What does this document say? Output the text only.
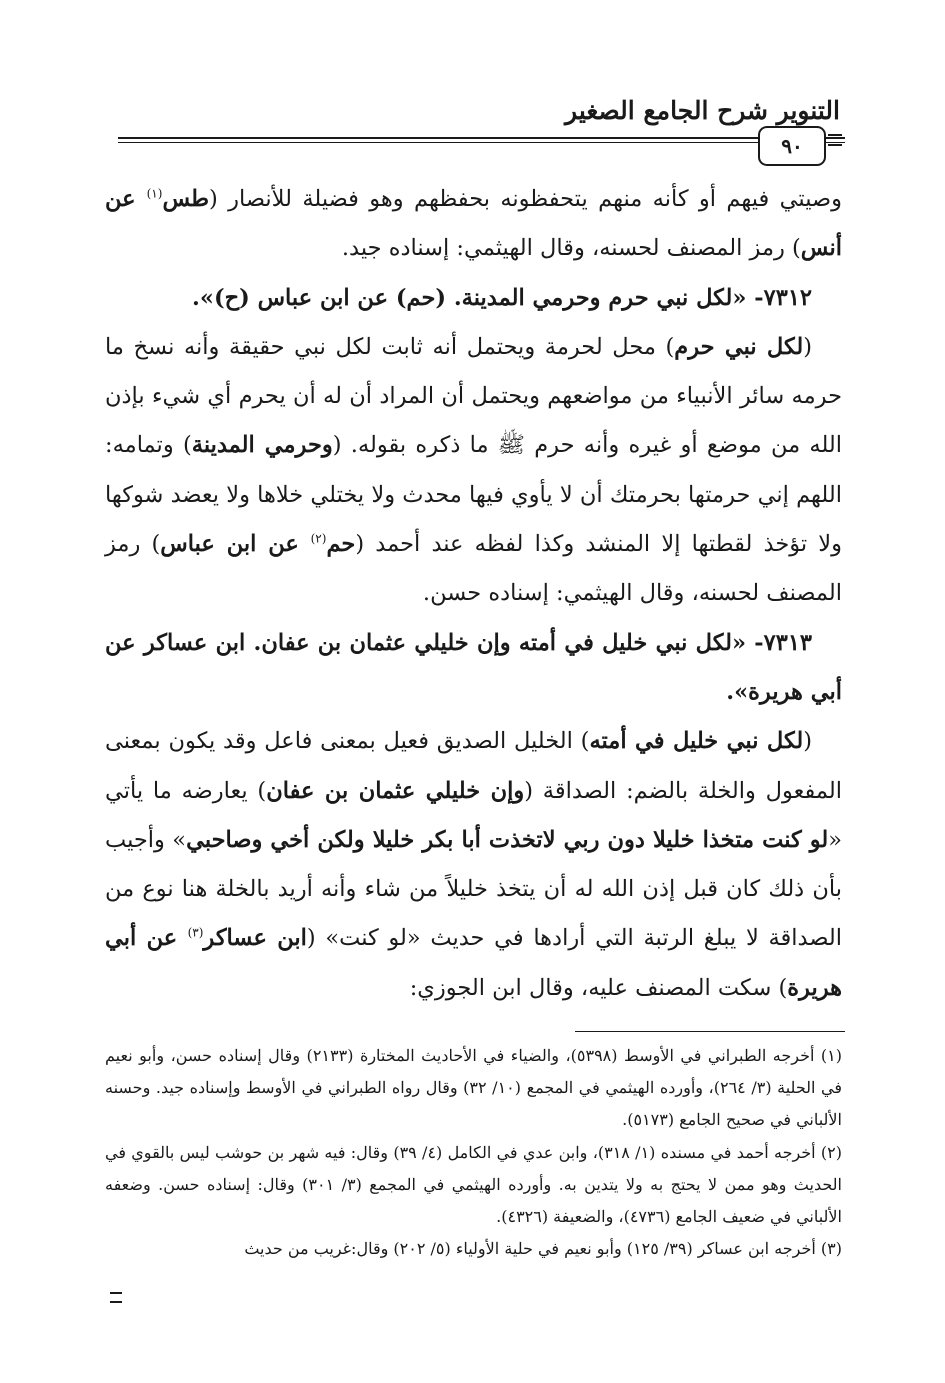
التنوير شرح الجامع الصغير
٩٠

وصيتي فيهم أو كأنه منهم يتحفظونه بحفظهم وهو فضيلة للأنصار (طس$^{(١)}$ عن أنس) رمز المصنف لحسنه، وقال الهيثمي: إسناده جيد.

٧٣١٢- «لكل نبي حرم وحرمي المدينة. (حم) عن ابن عباس (ح)».

(لكل نبي حرم) محل لحرمة ويحتمل أنه ثابت لكل نبي حقيقة وأنه نسخ ما حرمه سائر الأنبياء من مواضعهم ويحتمل أن المراد أن له أن يحرم أي شيء بإذن الله من موضع أو غيره وأنه حرم ﷺ ما ذكره بقوله. (وحرمي المدينة) وتمامه: اللهم إني حرمتها بحرمتك أن لا يأوي فيها محدث ولا يختلي خلاها ولا يعضد شوكها ولا تؤخذ لقطتها إلا المنشد وكذا لفظه عند أحمد (حم$^{(٢)}$ عن ابن عباس) رمز المصنف لحسنه، وقال الهيثمي: إسناده حسن.

٧٣١٣- «لكل نبي خليل في أمته وإن خليلي عثمان بن عفان. ابن عساكر عن أبي هريرة».

(لكل نبي خليل في أمته) الخليل الصديق فعيل بمعنى فاعل وقد يكون بمعنى المفعول والخلة بالضم: الصداقة (وإن خليلي عثمان بن عفان) يعارضه ما يأتي «لو كنت متخذا خليلا دون ربي لاتخذت أبا بكر خليلا ولكن أخي وصاحبي» وأجيب بأن ذلك كان قبل إذن الله له أن يتخذ خليلاً من شاء وأنه أريد بالخلة هنا نوع من الصداقة لا يبلغ الرتبة التي أرادها في حديث «لو كنت» (ابن عساكر$^{(٣)}$ عن أبي هريرة) سكت المصنف عليه، وقال ابن الجوزي:

(١) أخرجه الطبراني في الأوسط (٥٣٩٨)، والضياء في الأحاديث المختارة (٢١٣٣) وقال إسناده حسن، وأبو نعيم في الحلية (٣/ ٢٦٤)، وأورده الهيثمي في المجمع (١٠/ ٣٢) وقال رواه الطبراني في الأوسط وإسناده جيد. وحسنه الألباني في صحيح الجامع (٥١٧٣).

(٢) أخرجه أحمد في مسنده (١/ ٣١٨)، وابن عدي في الكامل (٤/ ٣٩) وقال: فيه شهر بن حوشب ليس بالقوي في الحديث وهو ممن لا يحتج به ولا يتدين به. وأورده الهيثمي في المجمع (٣/ ٣٠١) وقال: إسناده حسن. وضعفه الألباني في ضعيف الجامع (٤٧٣٦)، والضعيفة (٤٣٢٦).

(٣) أخرجه ابن عساكر (٣٩/ ١٢٥) وأبو نعيم في حلية الأولياء (٥/ ٢٠٢) وقال:غريب من حديث
